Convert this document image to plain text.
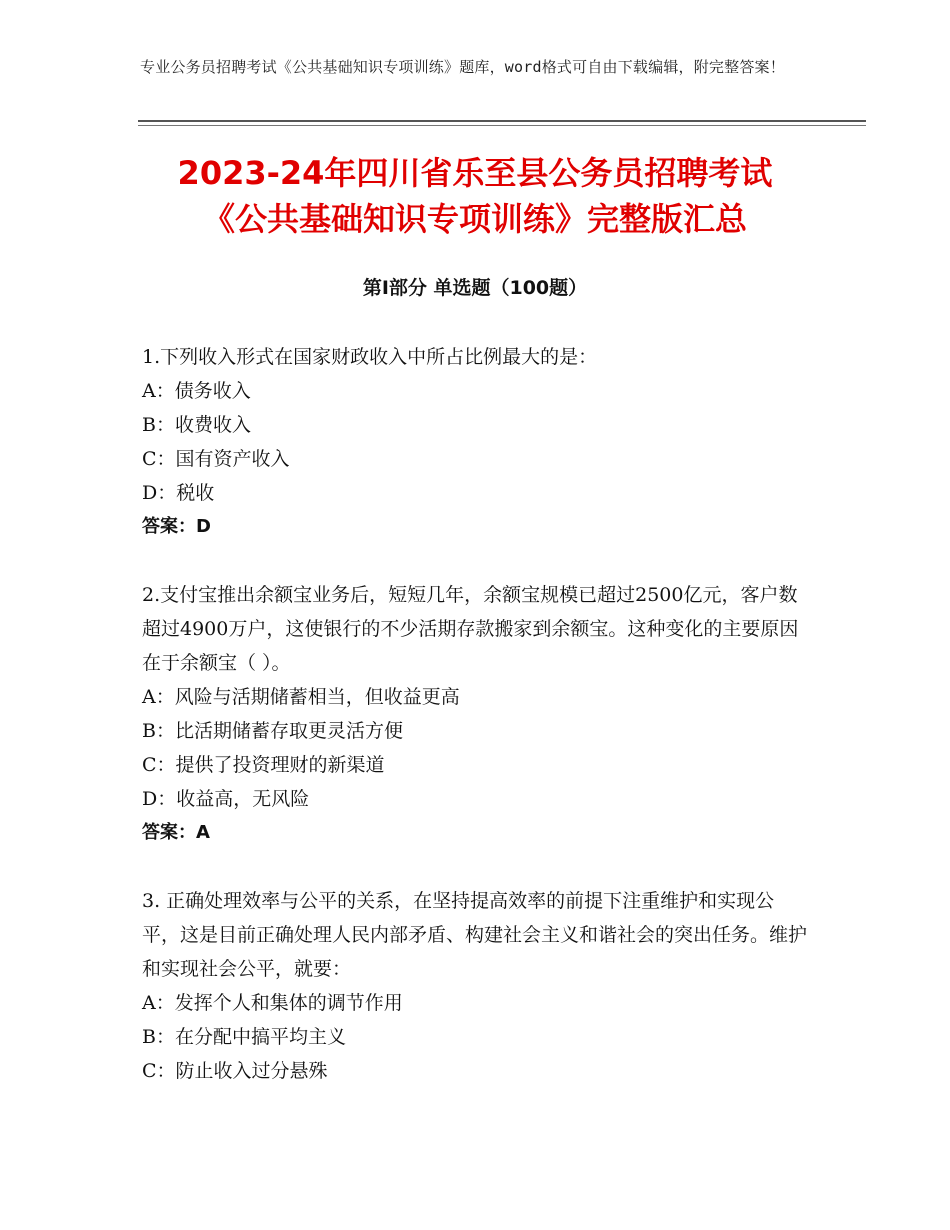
专业公务员招聘考试《公共基础知识专项训练》题库，word格式可自由下载编辑，附完整答案！
2023-24年四川省乐至县公务员招聘考试
《公共基础知识专项训练》完整版汇总
第Ⅰ部分 单选题（100题）

1.下列收入形式在国家财政收入中所占比例最大的是：

A：债务收入

B：收费收入

C：国有资产收入

D：税收

答案：D

2.支付宝推出余额宝业务后，短短几年，余额宝规模已超过2500亿元，客户数超过4900万户，这使银行的不少活期存款搬家到余额宝。这种变化的主要原因在于余额宝（ ）。

A：风险与活期储蓄相当，但收益更高

B：比活期储蓄存取更灵活方便

C：提供了投资理财的新渠道

D：收益高，无风险

答案：A

3. 正确处理效率与公平的关系，在坚持提高效率的前提下注重维护和实现公平，这是目前正确处理人民内部矛盾、构建社会主义和谐社会的突出任务。维护和实现社会公平，就要：

A：发挥个人和集体的调节作用

B：在分配中搞平均主义

C：防止收入过分悬殊
